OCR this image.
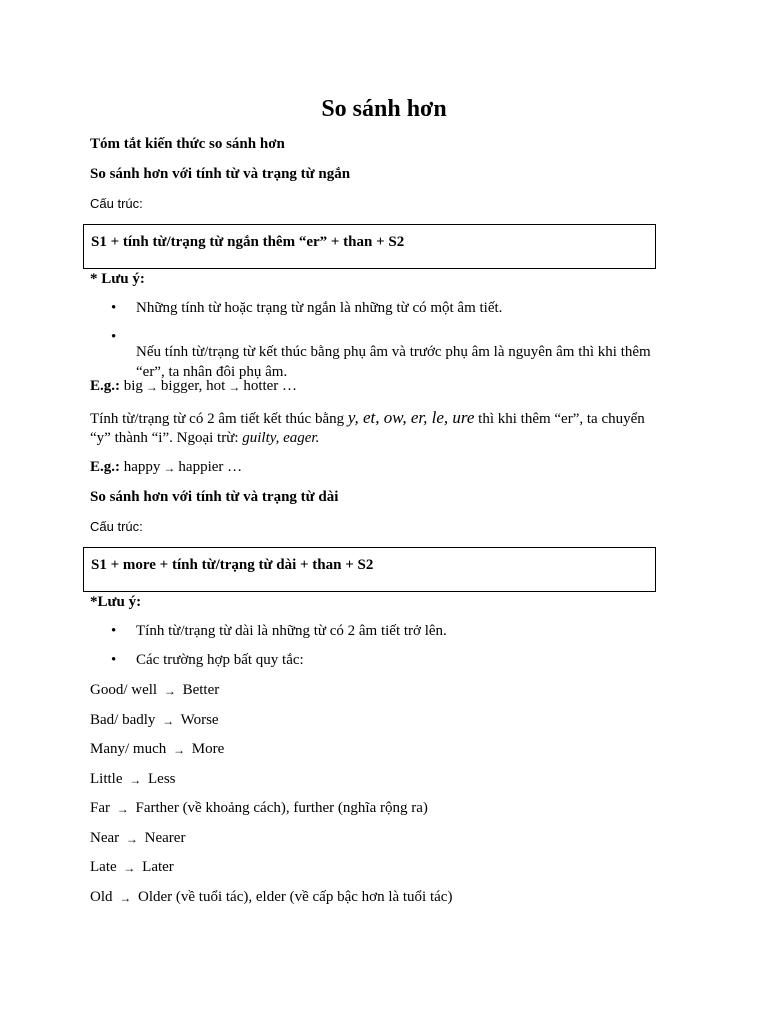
So sánh hơn

Tóm tắt kiến thức so sánh hơn

So sánh hơn với tính từ và trạng từ ngắn

Cấu trúc:

S1 + tính từ/trạng từ ngắn thêm “er” + than + S2

* Lưu ý:

• Những tính từ hoặc trạng từ ngắn là những từ có một âm tiết.

•

Nếu tính từ/trạng từ kết thúc bằng phụ âm và trước phụ âm là nguyên âm thì khi thêm “er”, ta nhân đôi phụ âm.

E.g.: big → bigger, hot → hotter …

Tính từ/trạng từ có 2 âm tiết kết thúc bằng y, et, ow, er, le, ure thì khi thêm “er”, ta chuyển

“y” thành “i”. Ngoại trừ: guilty, eager.

E.g.: happy → happier …

So sánh hơn với tính từ và trạng từ dài

Cấu trúc:

S1 + more + tính từ/trạng từ dài + than + S2

*Lưu ý:

• Tính từ/trạng từ dài là những từ có 2 âm tiết trở lên.

• Các trường hợp bất quy tắc:

Good/ well → Better

Bad/ badly → Worse

Many/ much → More

Little → Less

Far → Farther (về khoảng cách), further (nghĩa rộng ra)

Near → Nearer

Late → Later

Old → Older (về tuổi tác), elder (về cấp bậc hơn là tuổi tác)
